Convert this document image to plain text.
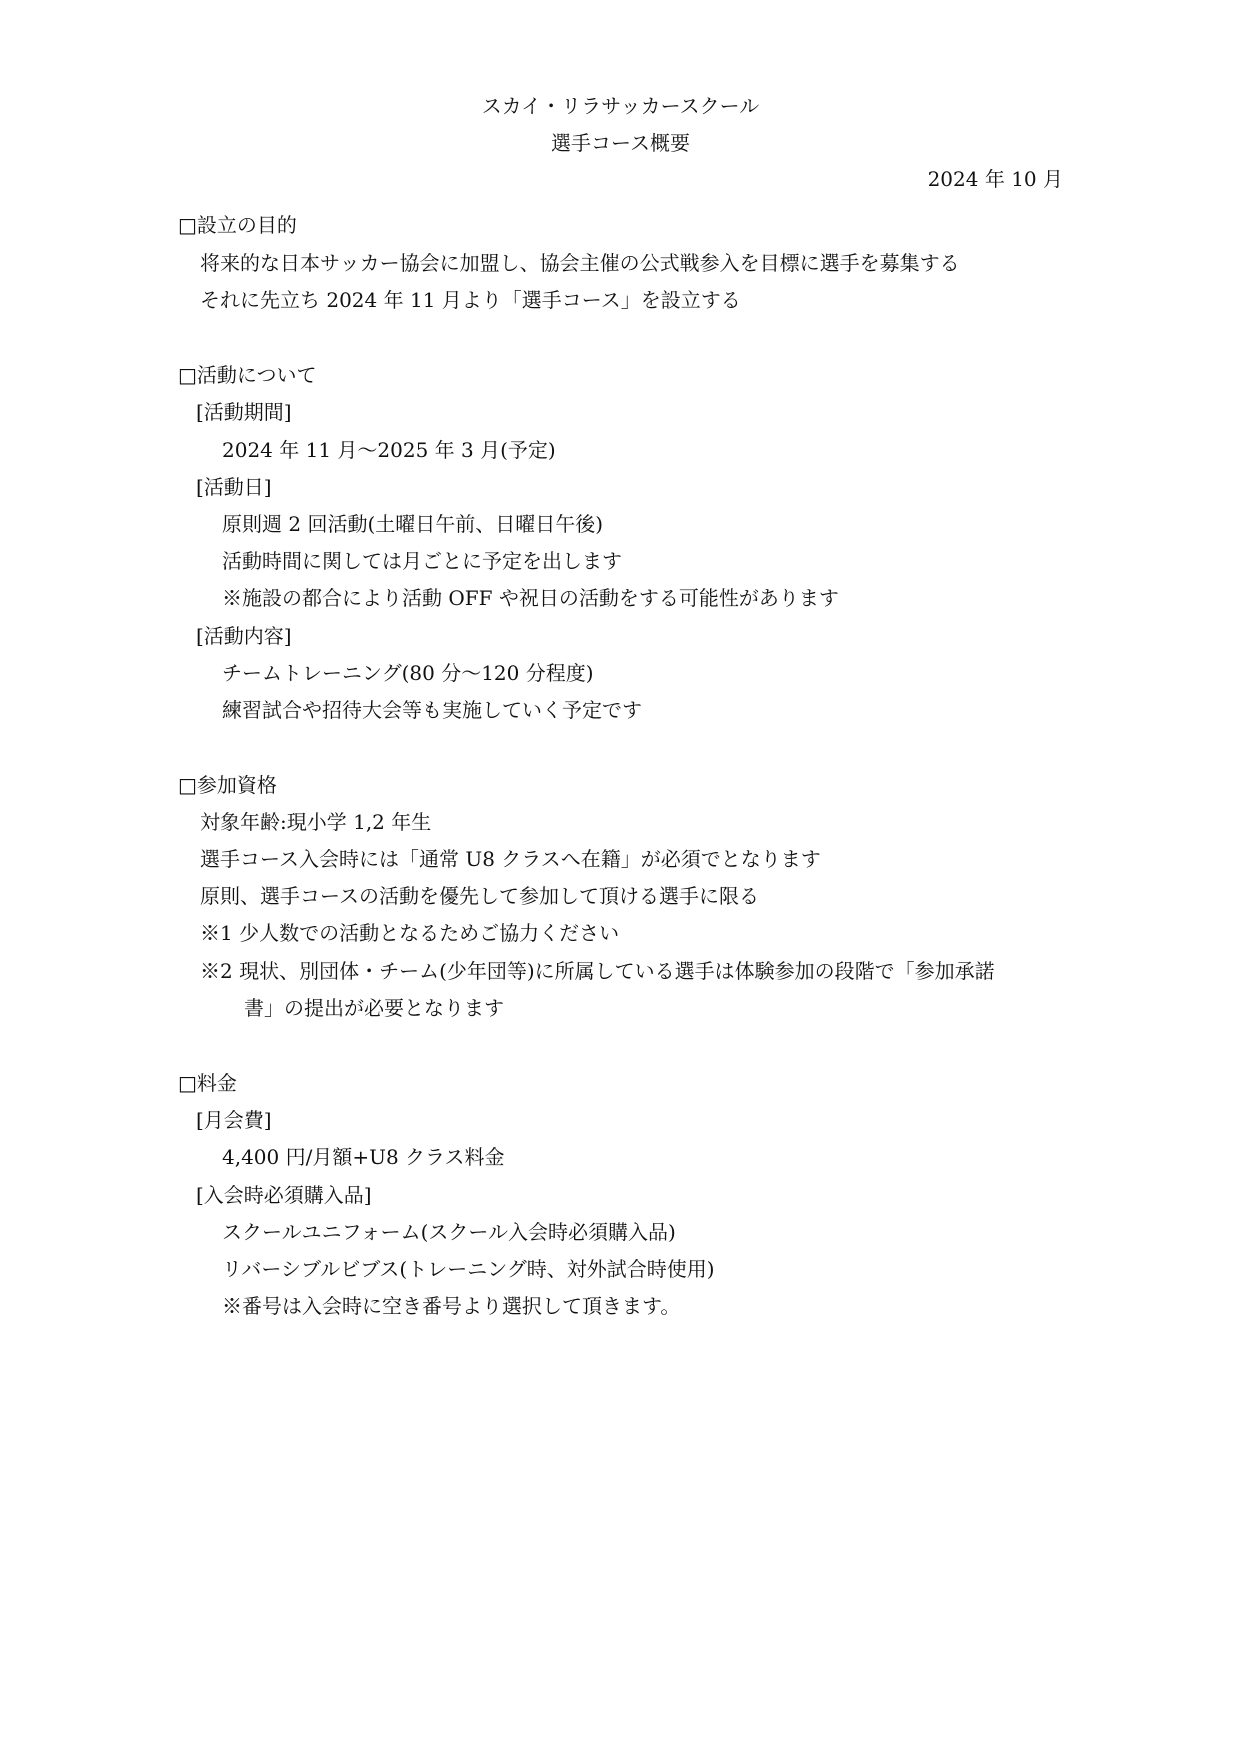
スカイ・リラサッカースクール
選手コース概要
2024 年 10 月
□設立の目的
将来的な日本サッカー協会に加盟し、協会主催の公式戦参入を目標に選手を募集する
それに先立ち 2024 年 11 月より「選手コース」を設立する
□活動について
[活動期間]
2024 年 11 月～2025 年 3 月(予定)
[活動日]
原則週 2 回活動(土曜日午前、日曜日午後)
活動時間に関しては月ごとに予定を出します
※施設の都合により活動 OFF や祝日の活動をする可能性があります
[活動内容]
チームトレーニング(80 分～120 分程度)
練習試合や招待大会等も実施していく予定です
□参加資格
対象年齢:現小学 1,2 年生
選手コース入会時には「通常 U8 クラスへ在籍」が必須でとなります
原則、選手コースの活動を優先して参加して頂ける選手に限る
※1 少人数での活動となるためご協力ください
※2 現状、別団体・チーム(少年団等)に所属している選手は体験参加の段階で「参加承諾
書」の提出が必要となります
□料金
[月会費]
4,400 円/月額+U8 クラス料金
[入会時必須購入品]
スクールユニフォーム(スクール入会時必須購入品)
リバーシブルビブス(トレーニング時、対外試合時使用)
※番号は入会時に空き番号より選択して頂きます。
